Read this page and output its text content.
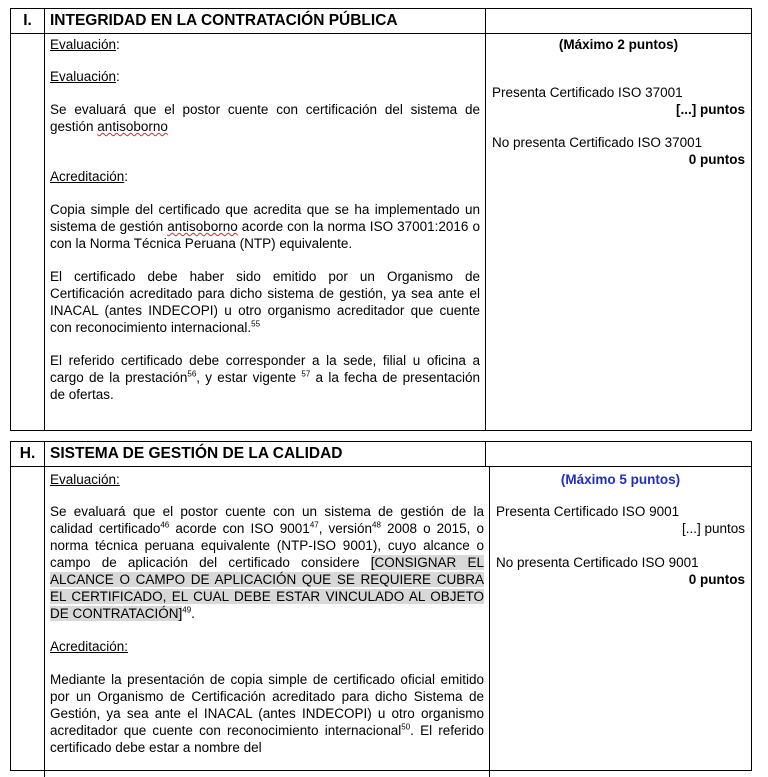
I.	INTEGRIDAD EN LA CONTRATACIÓN PÚBLICA

Evaluación:

Evaluación:

Se evaluará que el postor cuente con certificación del sistema de gestión antisoborno

Acreditación:

Copia simple del certificado que acredita que se ha implementado un sistema de gestión antisoborno acorde con la norma ISO 37001:2016 o con la Norma Técnica Peruana (NTP) equivalente.

El certificado debe haber sido emitido por un Organismo de Certificación acreditado para dicho sistema de gestión, ya sea ante el INACAL (antes INDECOPI) u otro organismo acreditador que cuente con reconocimiento internacional.$^{55}$

El referido certificado debe corresponder a la sede, filial u oficina a cargo de la prestación$^{56}$, y estar vigente $^{57}$ a la fecha de presentación de ofertas.

(Máximo 2 puntos)
Presenta Certificado ISO 37001
[...] puntos
No presenta Certificado ISO 37001
0 puntos
H. SISTEMA DE GESTIÓN DE LA CALIDAD

Evaluación:

Se evaluará que el postor cuente con un sistema de gestión de la calidad certificado$^{46}$ acorde con ISO 9001$^{47}$, versión$^{48}$ 2008 o 2015, o norma técnica peruana equivalente (NTP-ISO 9001), cuyo alcance o campo de aplicación del certificado considere [CONSIGNAR EL ALCANCE O CAMPO DE APLICACIÓN QUE SE REQUIERE CUBRA EL CERTIFICADO, EL CUAL DEBE ESTAR VINCULADO AL OBJETO DE CONTRATACIÓN]$^{49}$.

Acreditación:

Mediante la presentación de copia simple de certificado oficial emitido por un Organismo de Certificación acreditado para dicho Sistema de Gestión, ya sea ante el INACAL (antes INDECOPI) u otro organismo acreditador que cuente con reconocimiento internacional$^{50}$. El referido certificado debe estar a nombre del

(Máximo 5 puntos)
Presenta Certificado ISO 9001
[...] puntos
No presenta Certificado ISO 9001
0 puntos
